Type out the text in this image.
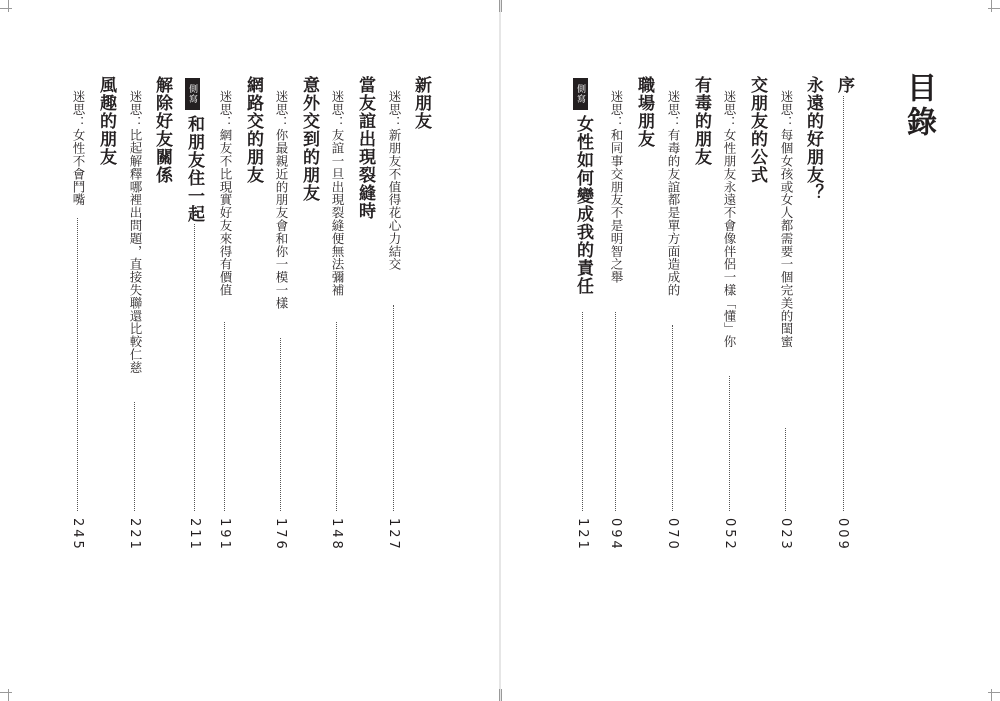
目錄
序
009
永遠的好朋友？
迷思：每個女孩或女人都需要一個完美的閨蜜
023
交朋友的公式
迷思：女性朋友永遠不會像伴侶一樣「懂」你
052
有毒的朋友
迷思：有毒的友誼都是單方面造成的
070
職場朋友
迷思：和同事交朋友不是明智之舉
094
側寫
女性如何變成我的責任
121
新朋友
迷思：新朋友不值得花心力結交
127
當友誼出現裂縫時
迷思：友誼一旦出現裂縫便無法彌補
148
意外交到的朋友
迷思：你最親近的朋友會和你一模一樣
176
網路交的朋友
迷思：網友不比現實好友來得有價值
191
側寫
和朋友住一起
211
解除好友關係
迷思：比起解釋哪裡出問題，直接失聯還比較仁慈
221
風趣的朋友
迷思：女性不會鬥嘴
245
